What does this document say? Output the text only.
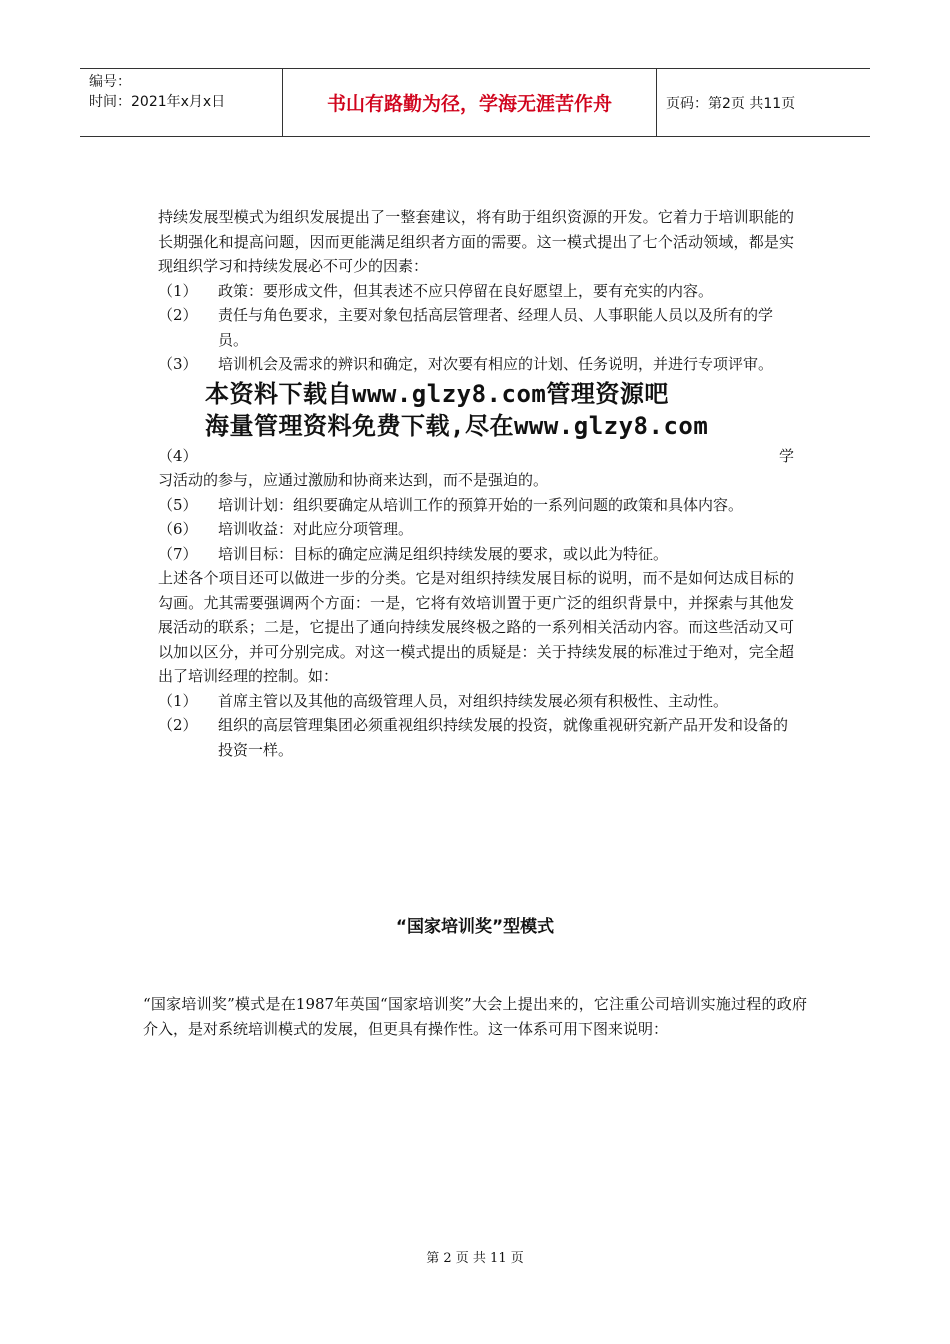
编号：
时间：2021年x月x日	书山有路勤为径，学海无涯苦作舟	页码：第2页 共11页

持续发展型模式为组织发展提出了一整套建议，将有助于组织资源的开发。它着力于培训职能的长期强化和提高问题，因而更能满足组织者方面的需要。这一模式提出了七个活动领域，都是实现组织学习和持续发展必不可少的因素：

（1）	政策：要形成文件，但其表述不应只停留在良好愿望上，要有充实的内容。
（2）	责任与角色要求，主要对象包括高层管理者、经理人员、人事职能人员以及所有的学员。
（3）	培训机会及需求的辨识和确定，对次要有相应的计划、任务说明，并进行专项评审。
本资料下载自www.glzy8.com管理资源吧
海量管理资料免费下载,尽在www.glzy8.com
（4）	学

习活动的参与，应通过激励和协商来达到，而不是强迫的。

（5）	培训计划：组织要确定从培训工作的预算开始的一系列问题的政策和具体内容。
（6）	培训收益：对此应分项管理。
（7）	培训目标：目标的确定应满足组织持续发展的要求，或以此为特征。

上述各个项目还可以做进一步的分类。它是对组织持续发展目标的说明，而不是如何达成目标的勾画。尤其需要强调两个方面：一是，它将有效培训置于更广泛的组织背景中，并探索与其他发展活动的联系；二是，它提出了通向持续发展终极之路的一系列相关活动内容。而这些活动又可以加以区分，并可分别完成。对这一模式提出的质疑是：关于持续发展的标准过于绝对，完全超出了培训经理的控制。如：

（1）	首席主管以及其他的高级管理人员，对组织持续发展必须有积极性、主动性。
（2）	组织的高层管理集团必须重视组织持续发展的投资，就像重视研究新产品开发和设备的投资一样。
“国家培训奖”型模式

“国家培训奖”模式是在1987年英国“国家培训奖”大会上提出来的，它注重公司培训实施过程的政府介入，是对系统培训模式的发展，但更具有操作性。这一体系可用下图来说明：

第 2 页 共 11 页
